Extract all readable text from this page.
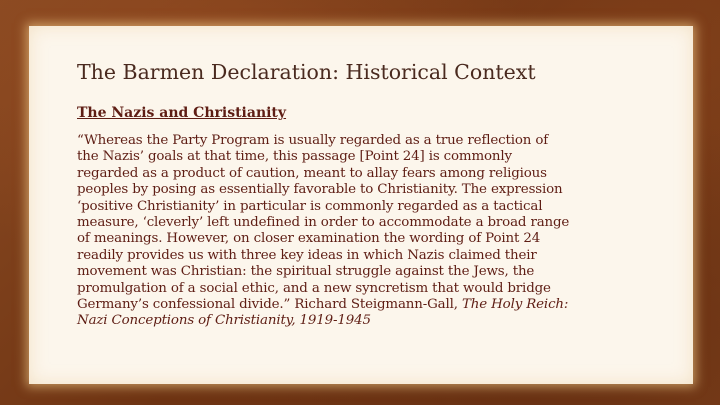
The Barmen Declaration: Historical Context
The Nazis and Christianity

“Whereas the Party Program is usually regarded as a true reflection of
the Nazis’ goals at that time, this passage [Point 24] is commonly
regarded as a product of caution, meant to allay fears among religious
peoples by posing as essentially favorable to Christianity. The expression
‘positive Christianity’ in particular is commonly regarded as a tactical
measure, ‘cleverly’ left undefined in order to accommodate a broad range
of meanings. However, on closer examination the wording of Point 24
readily provides us with three key ideas in which Nazis claimed their
movement was Christian: the spiritual struggle against the Jews, the
promulgation of a social ethic, and a new syncretism that would bridge
Germany’s confessional divide.” Richard Steigmann-Gall, The Holy Reich:
Nazi Conceptions of Christianity, 1919-1945
